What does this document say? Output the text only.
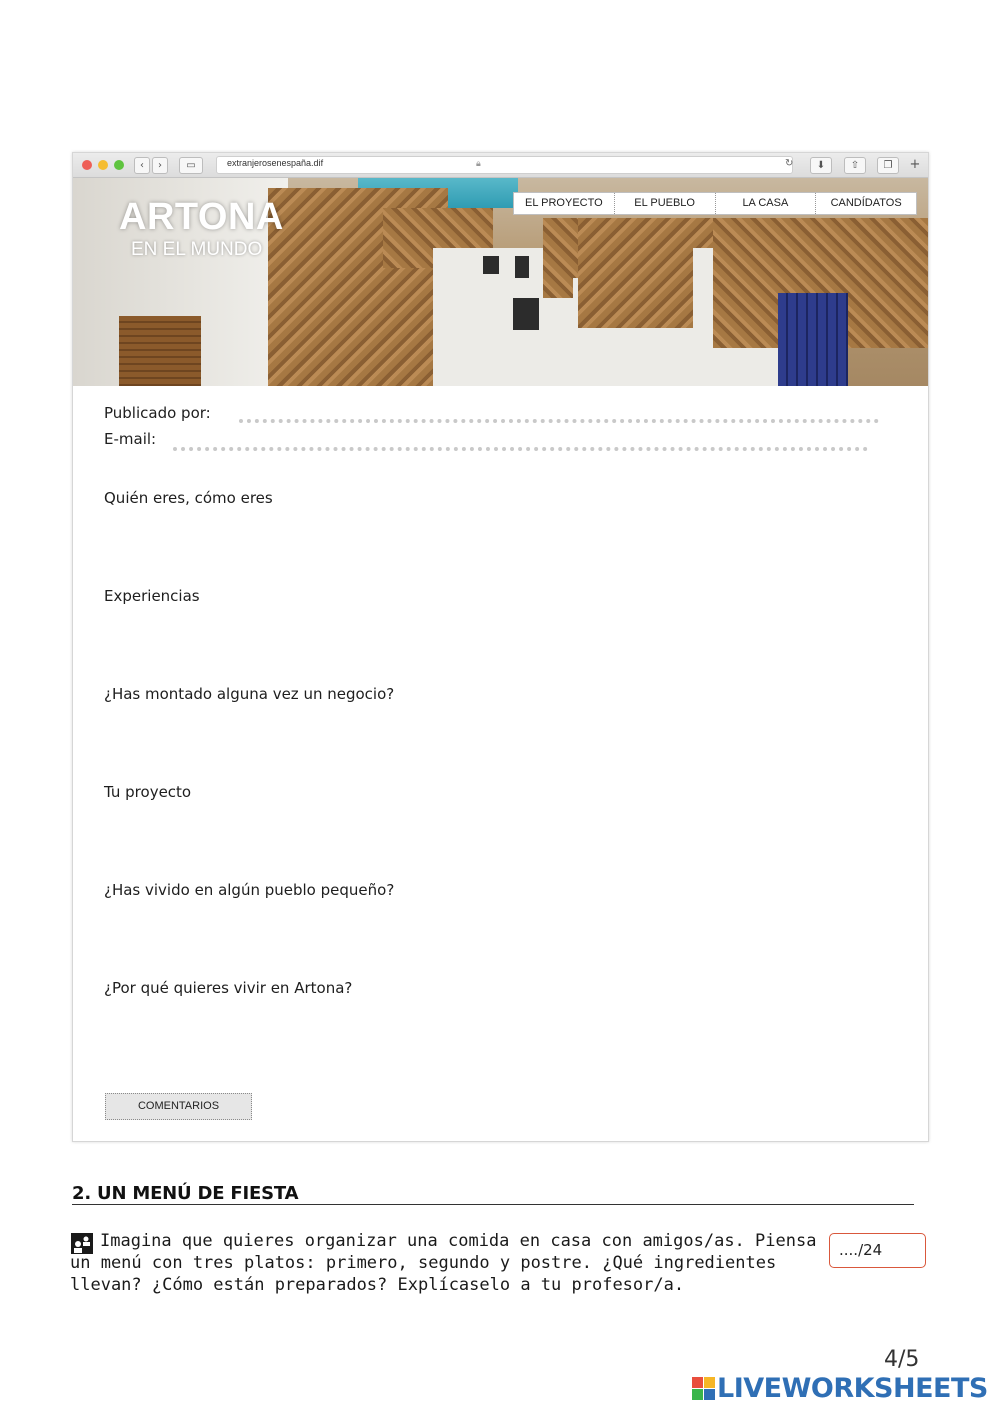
‹	›	▭	extranjerosenespaña.dif	🔒︎	↻	⬇	⇧	❐	+
ARTONA
EN EL MUNDO
EL PROYECTO	EL PUEBLO	LA CASA	CANDÍDATOS
Publicado por:
E-mail:
Quién eres, cómo eres
Experiencias
¿Has montado alguna vez un negocio?
Tu proyecto
¿Has vivido en algún pueblo pequeño?
¿Por qué quieres vivir en Artona?
COMENTARIOS
2. UN MENÚ DE FIESTA
Imagina que quieres organizar una comida en casa con amigos/as. Piensa un menú con tres platos: primero, segundo y postre. ¿Qué ingredientes llevan? ¿Cómo están preparados? Explícaselo a tu profesor/a.
..../24
4/5
LIVEWORKSHEETS
